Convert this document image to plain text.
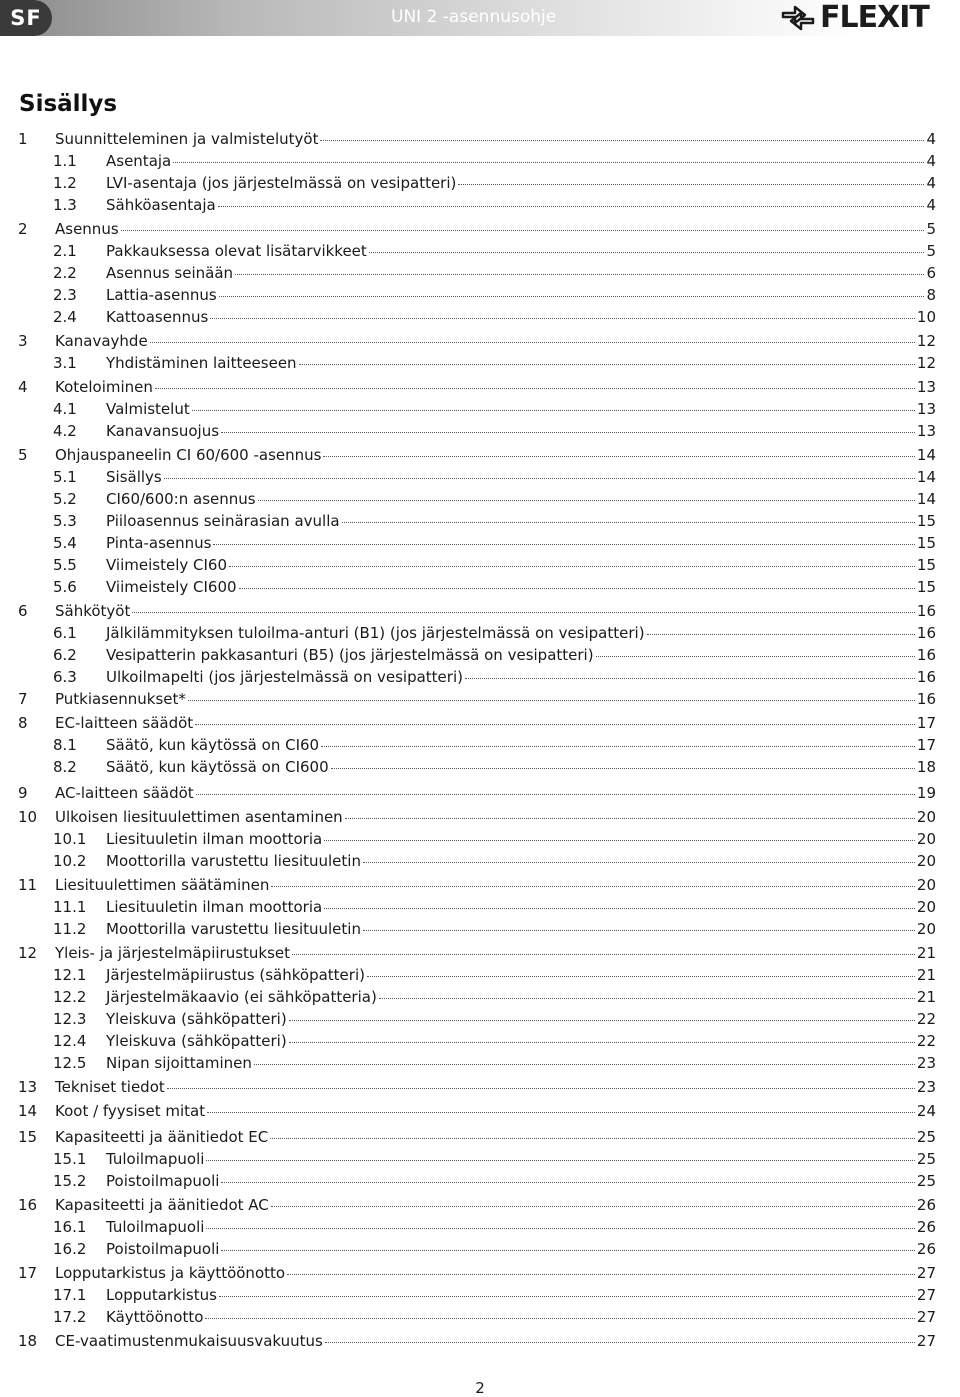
SF	UNI 2 -asennusohje	FLEXIT
Sisällys
1	Suunnitteleminen ja valmistelutyöt	4
1.1	Asentaja	4
1.2	LVI-asentaja (jos järjestelmässä on vesipatteri)	4
1.3	Sähköasentaja	4
2	Asennus	5
2.1	Pakkauksessa olevat lisätarvikkeet	5
2.2	Asennus seinään	6
2.3	Lattia-asennus	8
2.4	Kattoasennus	10
3	Kanavayhde	12
3.1	Yhdistäminen laitteeseen	12
4	Koteloiminen	13
4.1	Valmistelut	13
4.2	Kanavansuojus	13
5	Ohjauspaneelin CI 60/600 -asennus	14
5.1	Sisällys	14
5.2	CI60/600:n asennus	14
5.3	Piiloasennus seinärasian avulla	15
5.4	Pinta-asennus	15
5.5	Viimeistely CI60	15
5.6	Viimeistely CI600	15
6	Sähkötyöt	16
6.1	Jälkilämmityksen tuloilma-anturi (B1) (jos järjestelmässä on vesipatteri)	16
6.2	Vesipatterin pakkasanturi (B5) (jos järjestelmässä on vesipatteri)	16
6.3	Ulkoilmapelti (jos järjestelmässä on vesipatteri)	16
7	Putkiasennukset*	16
8	EC-laitteen säädöt	17
8.1	Säätö, kun käytössä on CI60	17
8.2	Säätö, kun käytössä on CI600	18
9	AC-laitteen säädöt	19
10	Ulkoisen liesituulettimen asentaminen	20
10.1	Liesituuletin ilman moottoria	20
10.2	Moottorilla varustettu liesituuletin	20
11	Liesituulettimen säätäminen	20
11.1	Liesituuletin ilman moottoria	20
11.2	Moottorilla varustettu liesituuletin	20
12	Yleis- ja järjestelmäpiirustukset	21
12.1	Järjestelmäpiirustus (sähköpatteri)	21
12.2	Järjestelmäkaavio (ei sähköpatteria)	21
12.3	Yleiskuva (sähköpatteri)	22
12.4	Yleiskuva (sähköpatteri)	22
12.5	Nipan sijoittaminen	23
13	Tekniset tiedot	23
14	Koot / fyysiset mitat	24
15	Kapasiteetti ja äänitiedot EC	25
15.1	Tuloilmapuoli	25
15.2	Poistoilmapuoli	25
16	Kapasiteetti ja äänitiedot AC	26
16.1	Tuloilmapuoli	26
16.2	Poistoilmapuoli	26
17	Lopputarkistus ja käyttöönotto	27
17.1	Lopputarkistus	27
17.2	Käyttöönotto	27
18	CE-vaatimustenmukaisuusvakuutus	27
2
